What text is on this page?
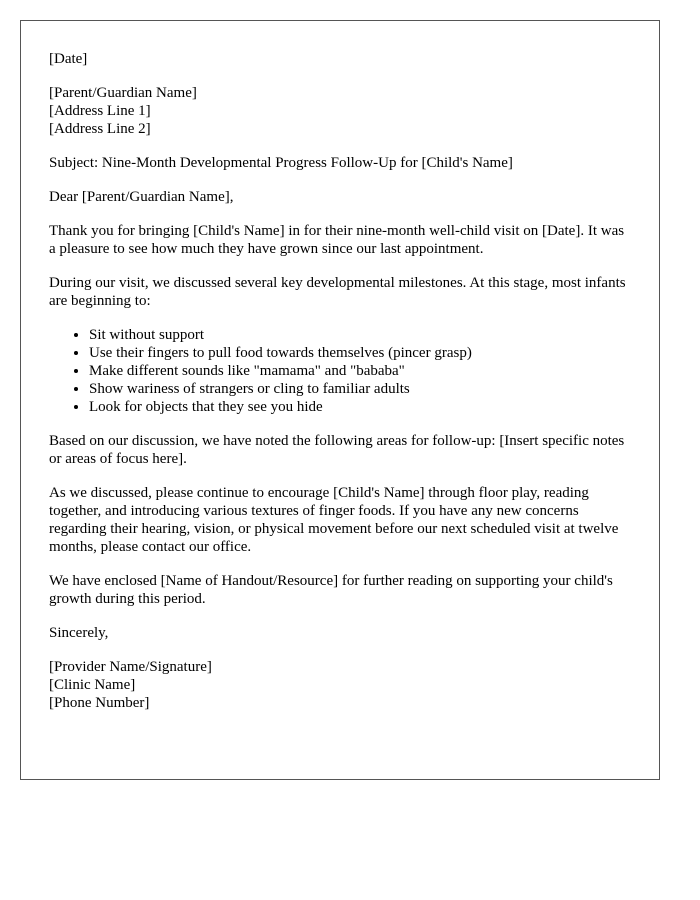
[Date]

[Parent/Guardian Name]
[Address Line 1]
[Address Line 2]

Subject: Nine-Month Developmental Progress Follow-Up for [Child's Name]

Dear [Parent/Guardian Name],

Thank you for bringing [Child's Name] in for their nine-month well-child visit on [Date]. It was a pleasure to see how much they have grown since our last appointment.

During our visit, we discussed several key developmental milestones. At this stage, most infants are beginning to:

• Sit without support
• Use their fingers to pull food towards themselves (pincer grasp)
• Make different sounds like "mamama" and "bababa"
• Show wariness of strangers or cling to familiar adults
• Look for objects that they see you hide

Based on our discussion, we have noted the following areas for follow-up: [Insert specific notes or areas of focus here].

As we discussed, please continue to encourage [Child's Name] through floor play, reading together, and introducing various textures of finger foods. If you have any new concerns regarding their hearing, vision, or physical movement before our next scheduled visit at twelve months, please contact our office.

We have enclosed [Name of Handout/Resource] for further reading on supporting your child's growth during this period.

Sincerely,

[Provider Name/Signature]
[Clinic Name]
[Phone Number]
